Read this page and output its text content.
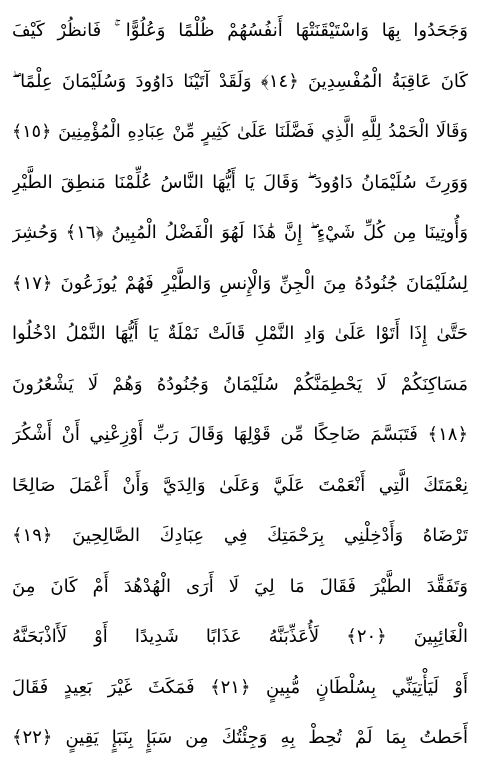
وَجَحَدُوا بِهَا وَاسْتَيْقَنَتْهَا أَنفُسُهُمْ ظُلْمًا وَعُلُوًّا ۚ فَانظُرْ كَيْفَ
كَانَ عَاقِبَةُ الْمُفْسِدِينَ ﴿١٤﴾ وَلَقَدْ آتَيْنَا دَاوُودَ وَسُلَيْمَانَ عِلْمًا ۖ
وَقَالَا الْحَمْدُ لِلَّهِ الَّذِي فَضَّلَنَا عَلَىٰ كَثِيرٍ مِّنْ عِبَادِهِ الْمُؤْمِنِينَ ﴿١٥﴾
وَوَرِثَ سُلَيْمَانُ دَاوُودَ ۖ وَقَالَ يَا أَيُّهَا النَّاسُ عُلِّمْنَا مَنطِقَ الطَّيْرِ
وَأُوتِينَا مِن كُلِّ شَيْءٍ ۖ إِنَّ هَٰذَا لَهُوَ الْفَضْلُ الْمُبِينُ ﴿١٦﴾ وَحُشِرَ
لِسُلَيْمَانَ جُنُودُهُ مِنَ الْجِنِّ وَالْإِنسِ وَالطَّيْرِ فَهُمْ يُوزَعُونَ ﴿١٧﴾
حَتَّىٰ إِذَا أَتَوْا عَلَىٰ وَادِ النَّمْلِ قَالَتْ نَمْلَةٌ يَا أَيُّهَا النَّمْلُ ادْخُلُوا
مَسَاكِنَكُمْ لَا يَحْطِمَنَّكُمْ سُلَيْمَانُ وَجُنُودُهُ وَهُمْ لَا يَشْعُرُونَ
﴿١٨﴾ فَتَبَسَّمَ ضَاحِكًا مِّن قَوْلِهَا وَقَالَ رَبِّ أَوْزِعْنِي أَنْ أَشْكُرَ
نِعْمَتَكَ الَّتِي أَنْعَمْتَ عَلَيَّ وَعَلَىٰ وَالِدَيَّ وَأَنْ أَعْمَلَ صَالِحًا
تَرْضَاهُ وَأَدْخِلْنِي بِرَحْمَتِكَ فِي عِبَادِكَ الصَّالِحِينَ ﴿١٩﴾
وَتَفَقَّدَ الطَّيْرَ فَقَالَ مَا لِيَ لَا أَرَى الْهُدْهُدَ أَمْ كَانَ مِنَ
الْغَائِبِينَ ﴿٢٠﴾ لَأُعَذِّبَنَّهُ عَذَابًا شَدِيدًا أَوْ لَأَاذْبَحَنَّهُ
أَوْ لَيَأْتِيَنِّي بِسُلْطَانٍ مُّبِينٍ ﴿٢١﴾ فَمَكَثَ غَيْرَ بَعِيدٍ فَقَالَ
أَحَطتُ بِمَا لَمْ تُحِطْ بِهِ وَجِئْتُكَ مِن سَبَإٍ بِنَبَإٍ يَقِينٍ ﴿٢٢﴾
